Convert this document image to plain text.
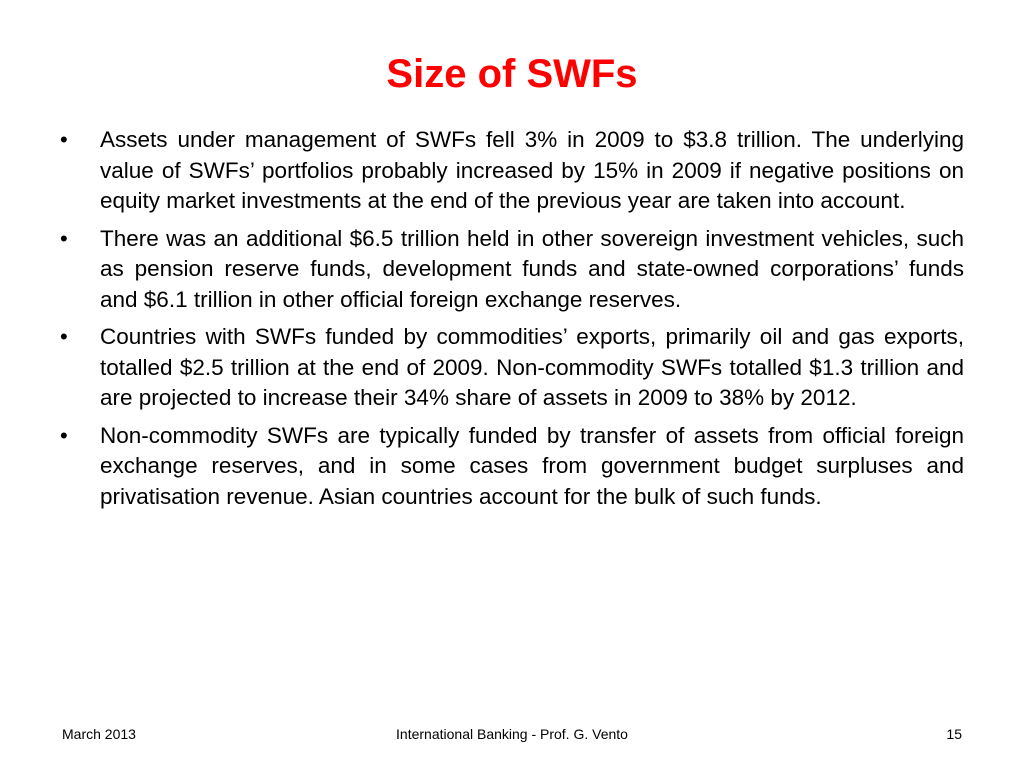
Size of SWFs
• Assets under management of SWFs fell 3% in 2009 to $3.8 trillion. The underlying value of SWFs’ portfolios probably increased by 15% in 2009 if negative positions on equity market investments at the end of the previous year are taken into account.
• There was an additional $6.5 trillion held in other sovereign investment vehicles, such as pension reserve funds, development funds and state-owned corporations’ funds and $6.1 trillion in other official foreign exchange reserves.
• Countries with SWFs funded by commodities’ exports, primarily oil and gas exports, totalled $2.5 trillion at the end of 2009. Non-commodity SWFs totalled $1.3 trillion and are projected to increase their 34% share of assets in 2009 to 38% by 2012.
• Non-commodity SWFs are typically funded by transfer of assets from official foreign exchange reserves, and in some cases from government budget surpluses and privatisation revenue. Asian countries account for the bulk of such funds.
March 2013	International Banking - Prof. G. Vento	15
